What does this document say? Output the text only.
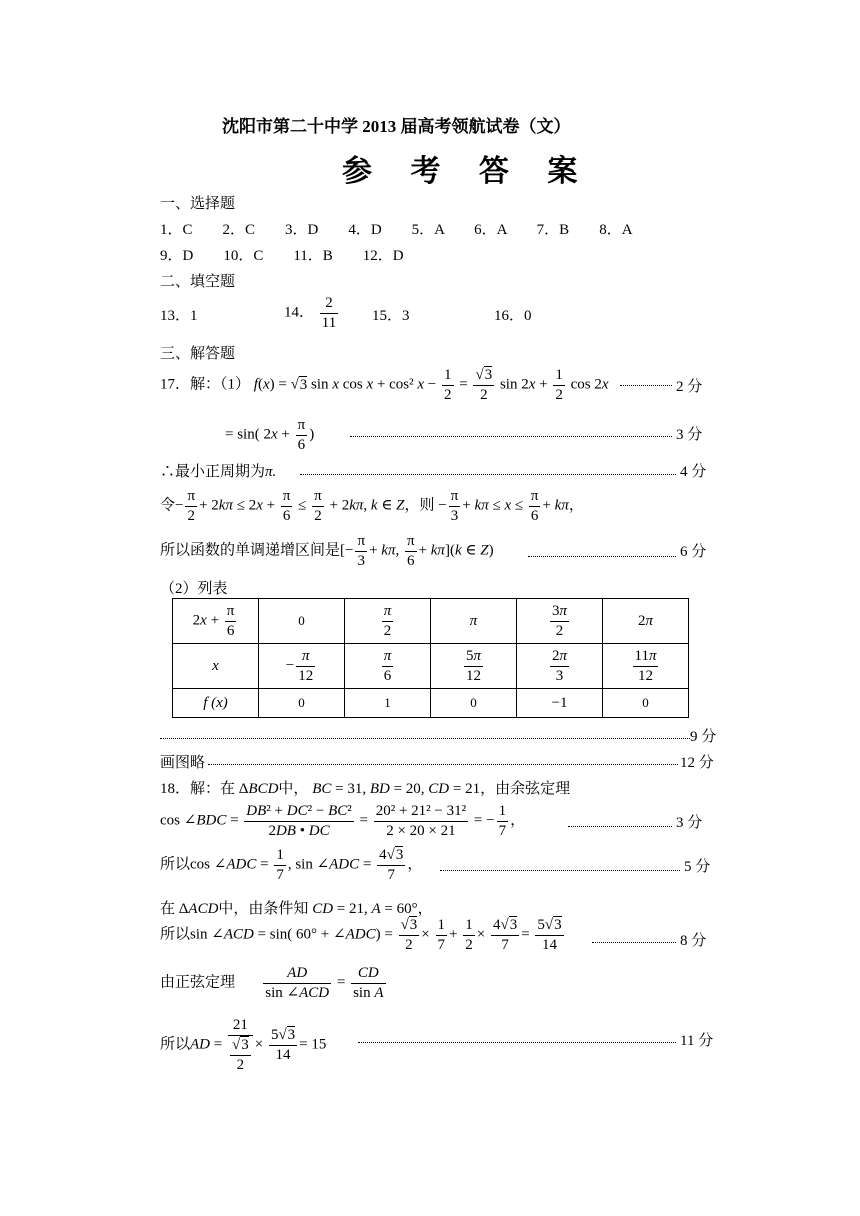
沈阳市第二十中学 2013 届高考领航试卷（文）
参 考 答 案
一、选择题
1．C　　2．C　　3．D　　4．D　　5．A　　6．A　　7．B　　8．A
9．D　　10．C　　11．B　　12．D
二、填空题
13．1	14． $\frac{2}{11} 15$．3	16．0
三、解答题
17．解：（1） f(x) = √3 sin x cos x + cos² $x - \frac{1}{2} = \frac{√3}{2}$ $\sin 2x + \frac{1}{2}$ cos 2x	2 分
= sin( $2x + \frac{\pi}{6}$ )	3 分
∴最小正周期为π.	4 分
令− $\frac{\pi}{2} + 2k\pi \le 2x + \frac{\pi}{6} \le \frac{\pi}{2} + 2k\pi$, k ∈ Z，则 − $\frac{\pi}{3} + k\pi \le x \le \frac{\pi}{6} + k\pi$，
所以函数的单调递增区间是[− $\frac{\pi}{3} + k\pi$, $\frac{\pi}{6} + k\pi](k$ ∈ Z)	6 分
（2）列表
$2x + \frac{\pi}{6}$	0	$\frac{\pi}{2}$	π	$\frac{3\pi}{2}$	2π
x	− $\frac{\pi}{12}$	$\frac{\pi}{6}$	$\frac{5\pi}{12}$	$\frac{2\pi}{3}$	$\frac{11\pi}{12}$

f (x)	0	1	0	−1	0
9 分
画图略	12 分
18．解：在 ΔBCD中， BC = 31, BD = 20, CD = 21，由余弦定理
cos ∠BDC = $\frac{\text{DB² + DC² − BC²}}{2DB • DC} = \frac{\text{20² + 21² − 31²}}{2 \times 20 \times 21}$ = − $\frac{1}{7}$ ，	3 分
所以cos ∠ADC = $\frac{1}{7}$ , sin ∠ADC = $\frac{4√3}{7}$ ，	5 分
在 ΔACD中，由条件知 CD = 21, A = 60°，
所以sin ∠ACD = sin( 60° + ∠ADC) = $\frac{√3}{2} \times \frac{1}{7} + \frac{1}{2} \times \frac{4√3}{7} = \frac{5√3}{14}$	8 分
由正弦定理
AD
sin ∠ACD
= $\frac{CD}{\text{sin A}}$
所以AD = $\frac{21}{\frac{√3}{2}} \times \frac{5√3}{14} = 15$	11 分
